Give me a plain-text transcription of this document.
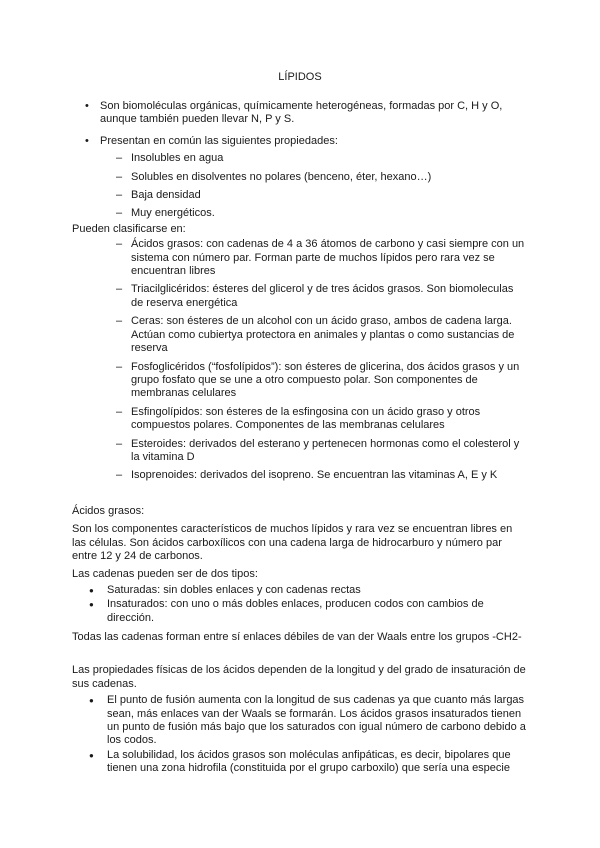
LÍPIDOS
• Son biomoléculas orgánicas, químicamente heterogéneas, formadas por C, H y O, aunque también pueden llevar N, P y S.
• Presentan en común las siguientes propiedades:
– Insolubles en agua
– Solubles en disolventes no polares (benceno, éter, hexano…)
– Baja densidad
– Muy energéticos.

Pueden clasificarse en:

– Ácidos grasos: con cadenas de 4 a 36 átomos de carbono y casi siempre con un sistema con número par. Forman parte de muchos lípidos pero rara vez se encuentran libres
– Triacilglicéridos: ésteres del glicerol y de tres ácidos grasos. Son biomoleculas de reserva energética
– Ceras: son ésteres de un alcohol con un ácido graso, ambos de cadena larga. Actúan como cubiertya protectora en animales y plantas o como sustancias de reserva
– Fosfoglicéridos (“fosfolípidos”): son ésteres de glicerina, dos ácidos grasos y un grupo fosfato que se une a otro compuesto polar. Son componentes de membranas celulares
– Esfingolípidos: son ésteres de la esfingosina con un ácido graso y otros compuestos polares. Componentes de las membranas celulares
– Esteroides: derivados del esterano y pertenecen hormonas como el colesterol y la vitamina D
– Isoprenoides: derivados del isopreno. Se encuentran las vitaminas A, E y K

Ácidos grasos:

Son los componentes característicos de muchos lípidos y rara vez se encuentran libres en las células. Son ácidos carboxílicos con una cadena larga de hidrocarburo y número par entre 12 y 24 de carbonos.

Las cadenas pueden ser de dos tipos:

● Saturadas: sin dobles enlaces y con cadenas rectas
● Insaturados: con uno o más dobles enlaces, producen codos con cambios de dirección.

Todas las cadenas forman entre sí enlaces débiles de van der Waals entre los grupos -CH2-

Las propiedades físicas de los ácidos dependen de la longitud y del grado de insaturación de sus cadenas.

● El punto de fusión aumenta con la longitud de sus cadenas ya que cuanto más largas sean, más enlaces van der Waals se formarán. Los ácidos grasos insaturados tienen un punto de fusión más bajo que los saturados con igual número de carbono debido a los codos.
● La solubilidad, los ácidos grasos son moléculas anfipáticas, es decir, bipolares que tienen una zona hidrofila (constituida por el grupo carboxilo) que sería una especie
